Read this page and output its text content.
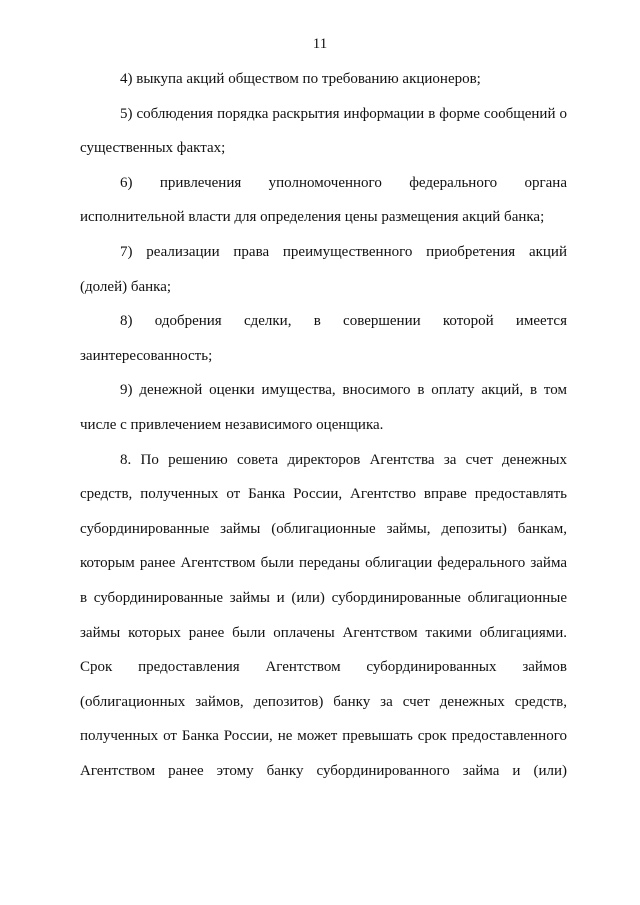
11

4) выкупа акций обществом по требованию акционеров;

5) соблюдения порядка раскрытия информации в форме сообщений о существенных фактах;

6) привлечения уполномоченного федерального органа исполнительной власти для определения цены размещения акций банка;

7) реализации права преимущественного приобретения акций (долей) банка;

8) одобрения сделки, в совершении которой имеется заинтересованность;

9) денежной оценки имущества, вносимого в оплату акций, в том числе с привлечением независимого оценщика.

8. По решению совета директоров Агентства за счет денежных средств, полученных от Банка России, Агентство вправе предоставлять субординированные займы (облигационные займы, депозиты) банкам, которым ранее Агентством были переданы облигации федерального займа в субординированные займы и (или) субординированные облигационные займы которых ранее были оплачены Агентством такими облигациями. Срок предоставления Агентством субординированных займов (облигационных займов, депозитов) банку за счет денежных средств, полученных от Банка России, не может превышать срок предоставленного Агентством ранее этому банку субординированного займа и (или)
